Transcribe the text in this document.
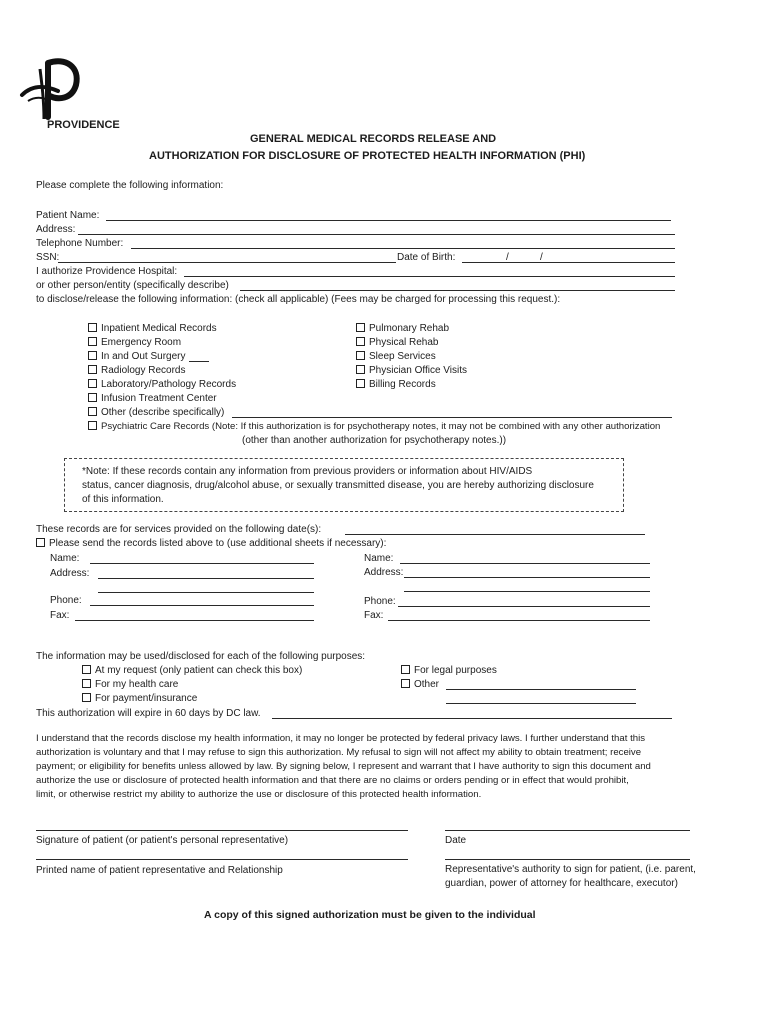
PROVIDENCE
GENERAL MEDICAL RECORDS RELEASE AND
AUTHORIZATION FOR DISCLOSURE OF PROTECTED HEALTH INFORMATION (PHI)
Please complete the following information:
Patient Name:
Address:
Telephone Number:
SSN:	Date of Birth:	/	/
I authorize Providence Hospital:
or other person/entity (specifically describe)
to disclose/release the following information: (check all applicable) (Fees may be charged for processing this request.):
Inpatient Medical Records
Emergency Room
In and Out Surgery
Radiology Records
Laboratory/Pathology Records
Infusion Treatment Center
Other (describe specifically)
Pulmonary Rehab
Physical Rehab
Sleep Services
Physician Office Visits
Billing Records
Psychiatric Care Records (Note: If this authorization is for psychotherapy notes, it may not be combined with any other authorization
(other than another authorization for psychotherapy notes.))
*Note: If these records contain any information from previous providers or information about HIV/AIDS
status, cancer diagnosis, drug/alcohol abuse, or sexually transmitted disease, you are hereby authorizing disclosure
of this information.
These records are for services provided on the following date(s):
Please send the records listed above to (use additional sheets if necessary):
Name:
Address:
Phone:
Fax:
Name:
Address:
Phone:
Fax:
The information may be used/disclosed for each of the following purposes:
At my request (only patient can check this box)
For my health care
For payment/insurance
For legal purposes
Other
This authorization will expire in 60 days by DC law.
I understand that the records disclose my health information, it may no longer be protected by federal privacy laws. I further understand that this
authorization is voluntary and that I may refuse to sign this authorization. My refusal to sign will not affect my ability to obtain treatment; receive
payment; or eligibility for benefits unless allowed by law. By signing below, I represent and warrant that I have authority to sign this document and
authorize the use or disclosure of protected health information and that there are no claims or orders pending or in effect that would prohibit,
limit, or otherwise restrict my ability to authorize the use or disclosure of this protected health information.
Signature of patient (or patient's personal representative)	Date
Printed name of patient representative and Relationship	Representative's authority to sign for patient, (i.e. parent,
guardian, power of attorney for healthcare, executor)
A copy of this signed authorization must be given to the individual
